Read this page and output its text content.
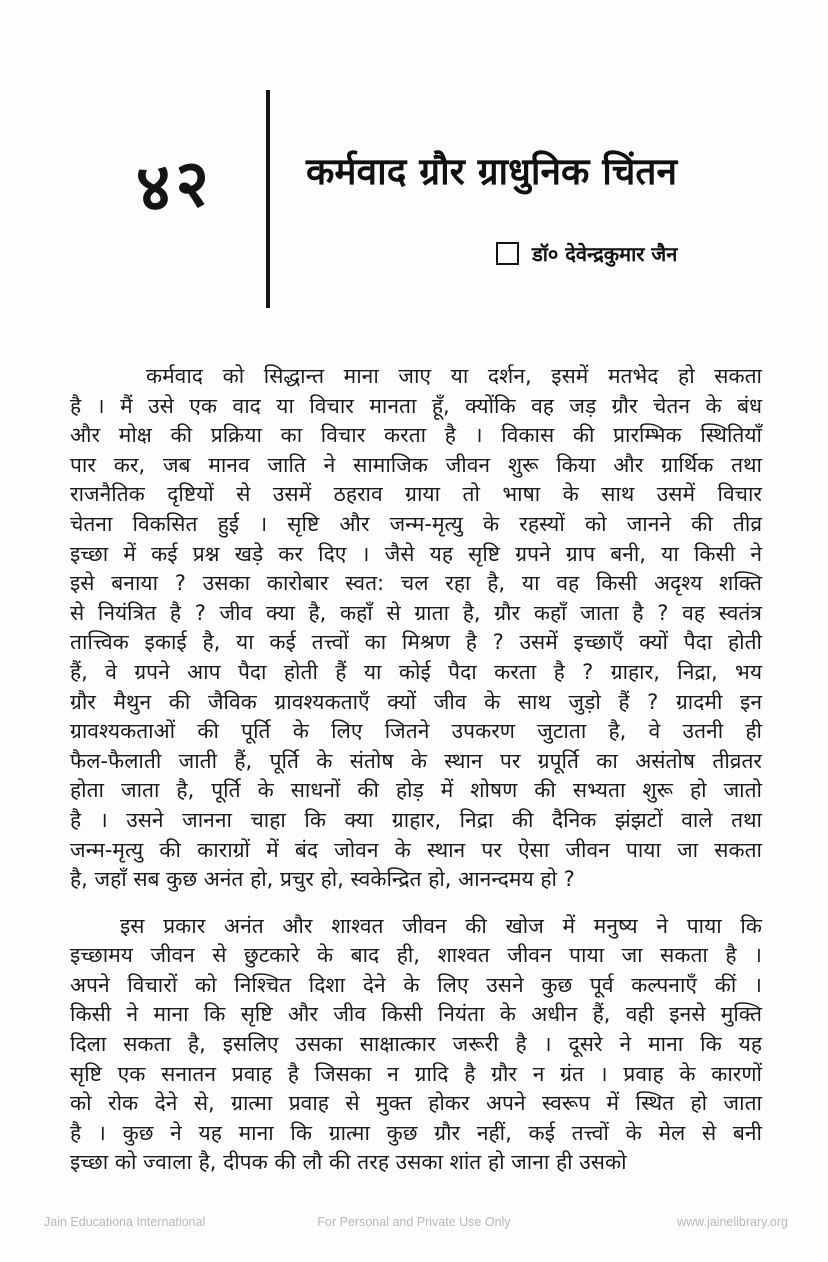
४२	कर्मवाद ग्रौर ग्राधुनिक चिंतन
डॉ० देवेन्द्रकुमार जैन
कर्मवाद को सिद्धान्त माना जाए या दर्शन, इसमें मतभेद हो सकता
है । मैं उसे एक वाद या विचार मानता हूँ, क्योंकि वह जड़ ग्रौर चेतन के बंध
और मोक्ष की प्रक्रिया का विचार करता है । विकास की प्रारम्भिक स्थितियाँ
पार कर, जब मानव जाति ने सामाजिक जीवन शुरू किया और ग्रार्थिक तथा
राजनैतिक दृष्टियों से उसमें ठहराव ग्राया तो भाषा के साथ उसमें विचार
चेतना विकसित हुई । सृष्टि और जन्म-मृत्यु के रहस्यों को जानने की तीव्र
इच्छा में कई प्रश्न खड़े कर दिए । जैसे यह सृष्टि ग्रपने ग्राप बनी, या किसी ने
इसे बनाया ? उसका कारोबार स्वत: चल रहा है, या वह किसी अदृश्य शक्ति
से नियंत्रित है ? जीव क्या है, कहाँ से ग्राता है, ग्रौर कहाँ जाता है ? वह स्वतंत्र
तात्त्विक इकाई है, या कई तत्त्वों का मिश्रण है ? उसमें इच्छाएँ क्यों पैदा होती
हैं, वे ग्रपने आप पैदा होती हैं या कोई पैदा करता है ? ग्राहार, निद्रा, भय
ग्रौर मैथुन की जैविक ग्रावश्यकताएँ क्यों जीव के साथ जुड़ो हैं ? ग्रादमी इन
ग्रावश्यकताओं की पूर्ति के लिए जितने उपकरण जुटाता है, वे उतनी ही
फैल-फैलाती जाती हैं, पूर्ति के संतोष के स्थान पर ग्रपूर्ति का असंतोष तीव्रतर
होता जाता है, पूर्ति के साधनों की होड़ में शोषण की सभ्यता शुरू हो जातो
है । उसने जानना चाहा कि क्या ग्राहार, निद्रा की दैनिक झंझटों वाले तथा
जन्म-मृत्यु की काराग्रों में बंद जोवन के स्थान पर ऐसा जीवन पाया जा सकता
है, जहाँ सब कुछ अनंत हो, प्रचुर हो, स्वकेन्द्रित हो, आनन्दमय हो ?
इस प्रकार अनंत और शाश्वत जीवन की खोज में मनुष्य ने पाया कि
इच्छामय जीवन से छुटकारे के बाद ही, शाश्वत जीवन पाया जा सकता है ।
अपने विचारों को निश्चित दिशा देने के लिए उसने कुछ पूर्व कल्पनाएँ कीं ।
किसी ने माना कि सृष्टि और जीव किसी नियंता के अधीन हैं, वही इनसे मुक्ति
दिला सकता है, इसलिए उसका साक्षात्कार जरूरी है । दूसरे ने माना कि यह
सृष्टि एक सनातन प्रवाह है जिसका न ग्रादि है ग्रौर न ग्रंत । प्रवाह के कारणों
को रोक देने से, ग्रात्मा प्रवाह से मुक्त होकर अपने स्वरूप में स्थित हो जाता
है । कुछ ने यह माना कि ग्रात्मा कुछ ग्रौर नहीं, कई तत्त्वों के मेल से बनी
इच्छा को ज्वाला है, दीपक की लौ की तरह उसका शांत हो जाना ही उसको
Jain Educationa International	For Personal and Private Use Only	www.jainelibrary.org
